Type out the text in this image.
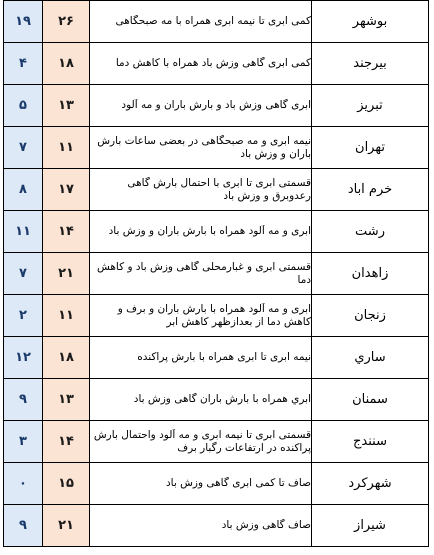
۱۹	۲۶	کمی ابری تا نیمه ابری همراه با مه صبحگاهی	بوشهر

۴	۱۸	کمی ابری گاهی وزش باد همراه با کاهش دما	بیرجند

۵	۱۳	ابری گاهی وزش باد و بارش باران و مه آلود	تبریز

۷	۱۱	نیمه ابری و مه صبحگاهی در بعضی ساعات بارش باران و وزش باد	تهران

۸	۱۷	قسمتی ابری تا ابری با احتمال بارش گاهی رعدوبرق و وزش باد	خرم آباد

۱۱	۱۴	ابری و مه آلود همراه با بارش باران و وزش باد	رشت

۷	۲۱	قسمتی ابری و غبارمحلی گاهی وزش باد و کاهش دما	زاهدان

۲	۱۱	ابری و مه آلود همراه با بارش باران و برف و کاهش دما از بعدازظهر کاهش ابر	زنجان

۱۲	۱۸	نیمه ابری تا ابری همراه با بارش پراکنده	ساري

۹	۱۳	ابري همراه با بارش باران گاهی وزش باد	سمنان

۳	۱۴	قسمتی ابری تا نیمه ابری و مه آلود واحتمال بارش پراکنده در ارتفاعات رگبار برف	سنندج

۰	۱۵	صاف تا کمی ابری گاهی وزش باد	شهرکرد

۹	۲۱	صاف گاهی وزش باد	شیراز
